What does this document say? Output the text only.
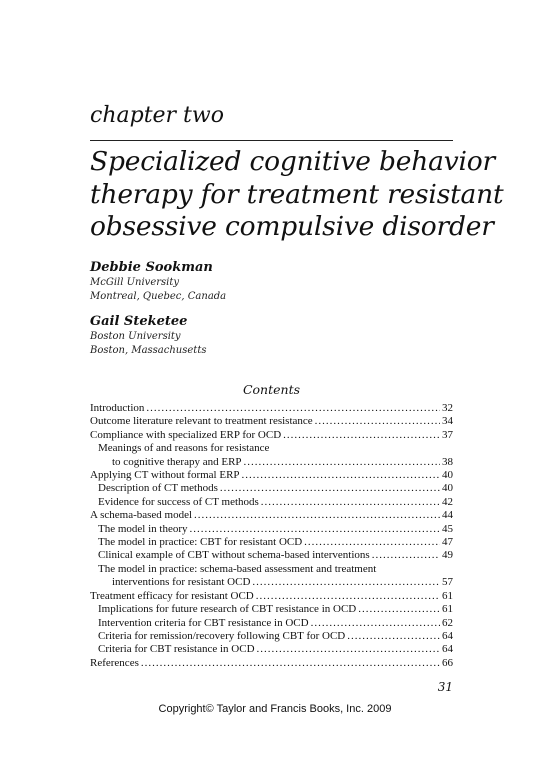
chapter two
Specialized cognitive behavior
therapy for treatment resistant
obsessive compulsive disorder
Debbie Sookman
McGill University
Montreal, Quebec, Canada
Gail Steketee
Boston University
Boston, Massachusetts
Contents
Introduction .....	32
Outcome literature relevant to treatment resistance .....	34
Compliance with specialized ERP for OCD .....	37
Meanings of and reasons for resistance
to cognitive therapy and ERP .....	38
Applying CT without formal ERP .....	40
Description of CT methods .....	40
Evidence for success of CT methods .....	42
A schema-based model .....	44
The model in theory .....	45
The model in practice: CBT for resistant OCD .....	47
Clinical example of CBT without schema-based interventions .....	49
The model in practice: schema-based assessment and treatment
interventions for resistant OCD .....	57
Treatment efficacy for resistant OCD .....	61
Implications for future research of CBT resistance in OCD .....	61
Intervention criteria for CBT resistance in OCD .....	62
Criteria for remission/recovery following CBT for OCD .....	64
Criteria for CBT resistance in OCD .....	64
References .....	66
31
Copyright© Taylor and Francis Books, Inc. 2009
